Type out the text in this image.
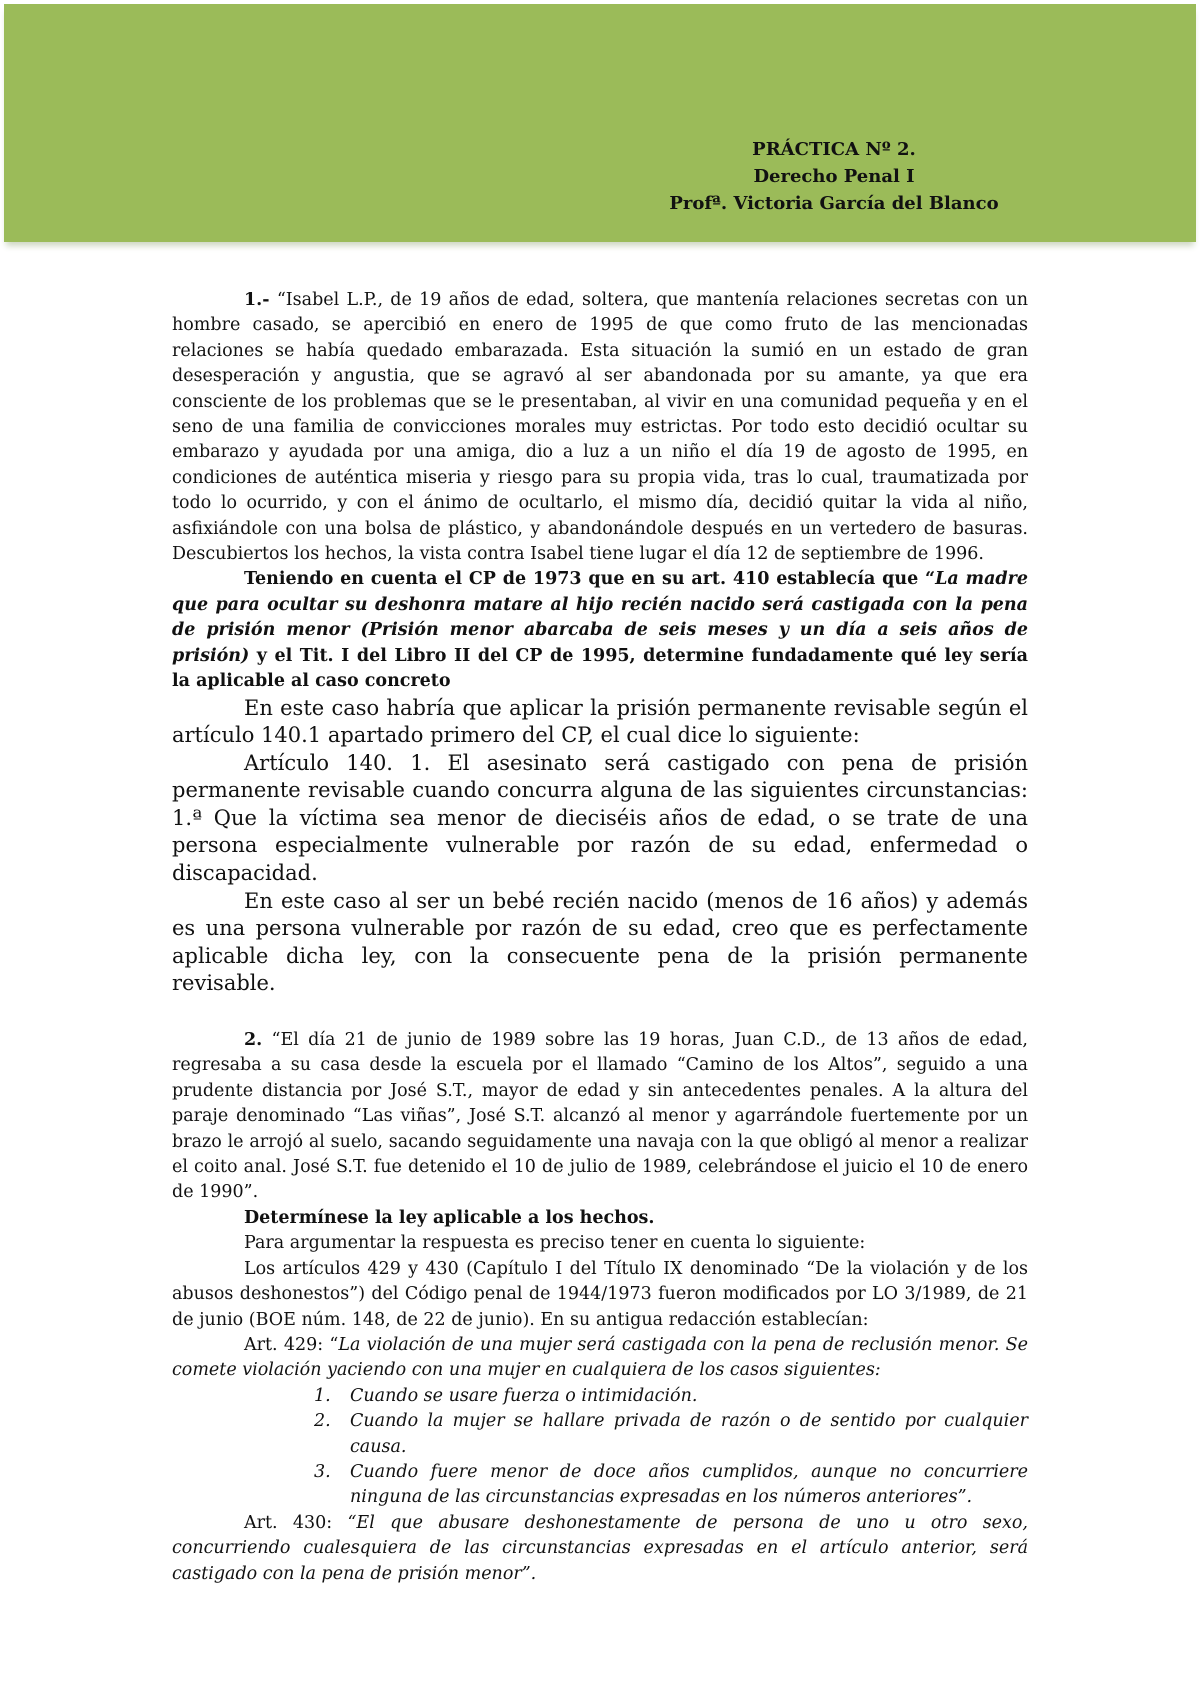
PRÁCTICA Nº 2.
Derecho Penal I
Profª. Victoria García del Blanco

1.- “Isabel L.P., de 19 años de edad, soltera, que mantenía relaciones secretas con un hombre casado, se apercibió en enero de 1995 de que como fruto de las mencionadas relaciones se había quedado embarazada. Esta situación la sumió en un estado de gran desesperación y angustia, que se agravó al ser abandonada por su amante, ya que era consciente de los problemas que se le presentaban, al vivir en una comunidad pequeña y en el seno de una familia de convicciones morales muy estrictas. Por todo esto decidió ocultar su embarazo y ayudada por una amiga, dio a luz a un niño el día 19 de agosto de 1995, en condiciones de auténtica miseria y riesgo para su propia vida, tras lo cual, traumatizada por todo lo ocurrido, y con el ánimo de ocultarlo, el mismo día, decidió quitar la vida al niño, asfixiándole con una bolsa de plástico, y abandonándole después en un vertedero de basuras. Descubiertos los hechos, la vista contra Isabel tiene lugar el día 12 de septiembre de 1996.

Teniendo en cuenta el CP de 1973 que en su art. 410 establecía que “La madre que para ocultar su deshonra matare al hijo recién nacido será castigada con la pena de prisión menor (Prisión menor abarcaba de seis meses y un día a seis años de prisión) y el Tit. I del Libro II del CP de 1995, determine fundadamente qué ley sería la aplicable al caso concreto

En este caso habría que aplicar la prisión permanente revisable según el artículo 140.1 apartado primero del CP, el cual dice lo siguiente:

Artículo 140. 1. El asesinato será castigado con pena de prisión permanente revisable cuando concurra alguna de las siguientes circunstancias: 1.ª Que la víctima sea menor de dieciséis años de edad, o se trate de una persona especialmente vulnerable por razón de su edad, enfermedad o discapacidad.

En este caso al ser un bebé recién nacido (menos de 16 años) y además es una persona vulnerable por razón de su edad, creo que es perfectamente aplicable dicha ley, con la consecuente pena de la prisión permanente revisable.

2. “El día 21 de junio de 1989 sobre las 19 horas, Juan C.D., de 13 años de edad, regresaba a su casa desde la escuela por el llamado “Camino de los Altos”, seguido a una prudente distancia por José S.T., mayor de edad y sin antecedentes penales. A la altura del paraje denominado “Las viñas”, José S.T. alcanzó al menor y agarrándole fuertemente por un brazo le arrojó al suelo, sacando seguidamente una navaja con la que obligó al menor a realizar el coito anal. José S.T. fue detenido el 10 de julio de 1989, celebrándose el juicio el 10 de enero de 1990”.

Determínese la ley aplicable a los hechos.

Para argumentar la respuesta es preciso tener en cuenta lo siguiente:

Los artículos 429 y 430 (Capítulo I del Título IX denominado “De la violación y de los abusos deshonestos”) del Código penal de 1944/1973 fueron modificados por LO 3/1989, de 21 de junio (BOE núm. 148, de 22 de junio). En su antigua redacción establecían:

Art. 429: “La violación de una mujer será castigada con la pena de reclusión menor. Se comete violación yaciendo con una mujer en cualquiera de los casos siguientes:

1. Cuando se usare fuerza o intimidación.
2. Cuando la mujer se hallare privada de razón o de sentido por cualquier causa.
3. Cuando fuere menor de doce años cumplidos, aunque no concurriere ninguna de las circunstancias expresadas en los números anteriores”.

Art. 430: “El que abusare deshonestamente de persona de uno u otro sexo, concurriendo cualesquiera de las circunstancias expresadas en el artículo anterior, será castigado con la pena de prisión menor”.
